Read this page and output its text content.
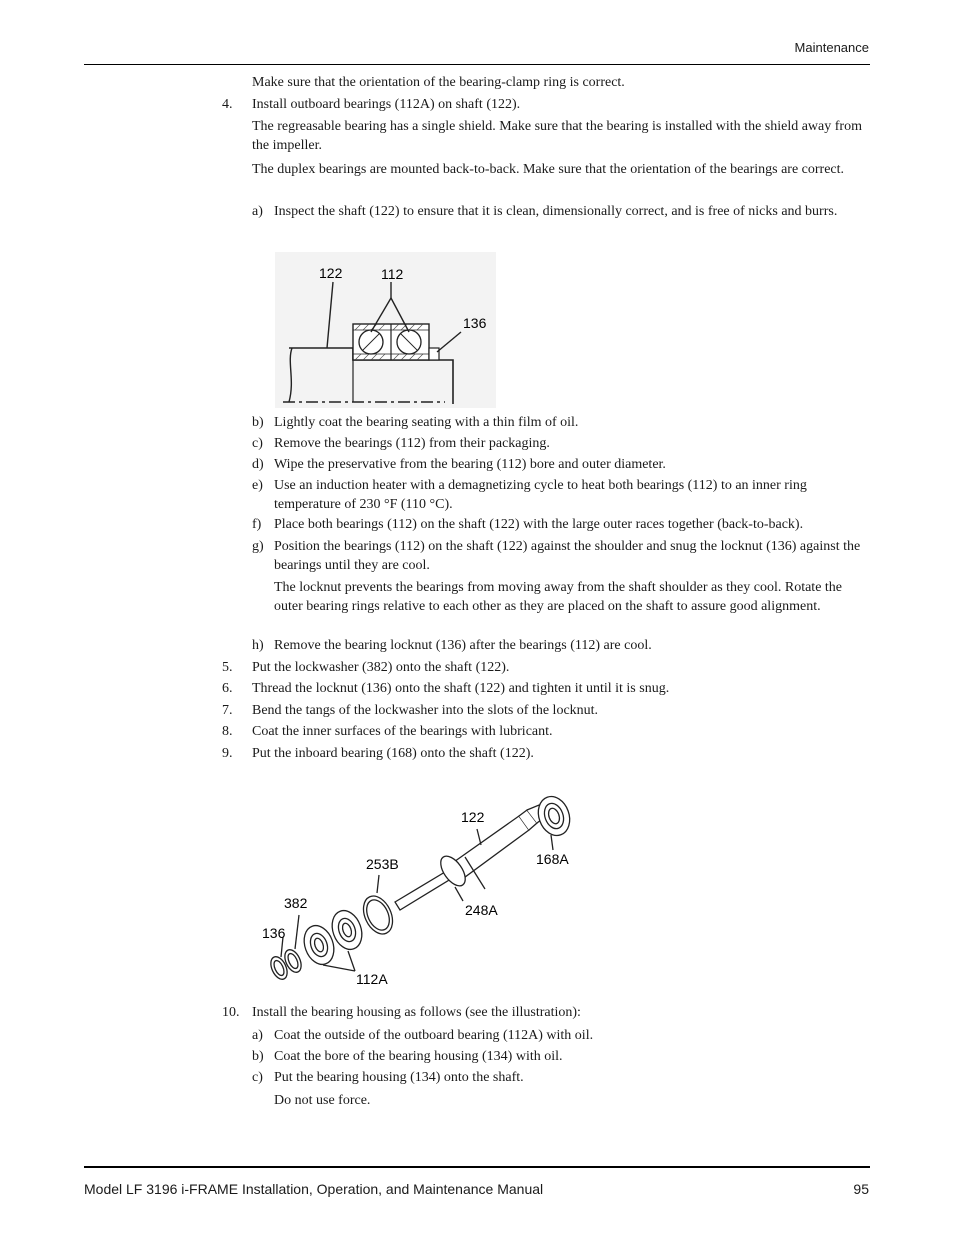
Maintenance

Make sure that the orientation of the bearing-clamp ring is correct.

4.	Install outboard bearings (112A) on shaft (122).

The regreasable bearing has a single shield. Make sure that the bearing is installed with the shield away from the impeller.

The duplex bearings are mounted back-to-back. Make sure that the orientation of the bearings are correct.

a) Inspect the shaft (122) to ensure that it is clean, dimensionally correct, and is free of nicks and burrs.

122	112
136

b) Lightly coat the bearing seating with a thin film of oil.

c) Remove the bearings (112) from their packaging.

d) Wipe the preservative from the bearing (112) bore and outer diameter.

e) Use an induction heater with a demagnetizing cycle to heat both bearings (112) to an inner ring temperature of 230 °F (110 °C).

f) Place both bearings (112) on the shaft (122) with the large outer races together (back-to-back).

g) Position the bearings (112) on the shaft (122) against the shoulder and snug the locknut (136) against the bearings until they are cool.

The locknut prevents the bearings from moving away from the shaft shoulder as they cool. Rotate the outer bearing rings relative to each other as they are placed on the shaft to assure good alignment.

h) Remove the bearing locknut (136) after the bearings (112) are cool.

5.	Put the lockwasher (382) onto the shaft (122).

6.	Thread the locknut (136) onto the shaft (122) and tighten it until it is snug.

7.	Bend the tangs of the lockwasher into the slots of the locknut.

8.	Coat the inner surfaces of the bearings with lubricant.

9.	Put the inboard bearing (168) onto the shaft (122).

122
168A
253B
248A
382
136
112A

10. Install the bearing housing as follows (see the illustration):

a) Coat the outside of the outboard bearing (112A) with oil.

b) Coat the bore of the bearing housing (134) with oil.

c) Put the bearing housing (134) onto the shaft.

Do not use force.

Model LF 3196 i-FRAME Installation, Operation, and Maintenance Manual	95
